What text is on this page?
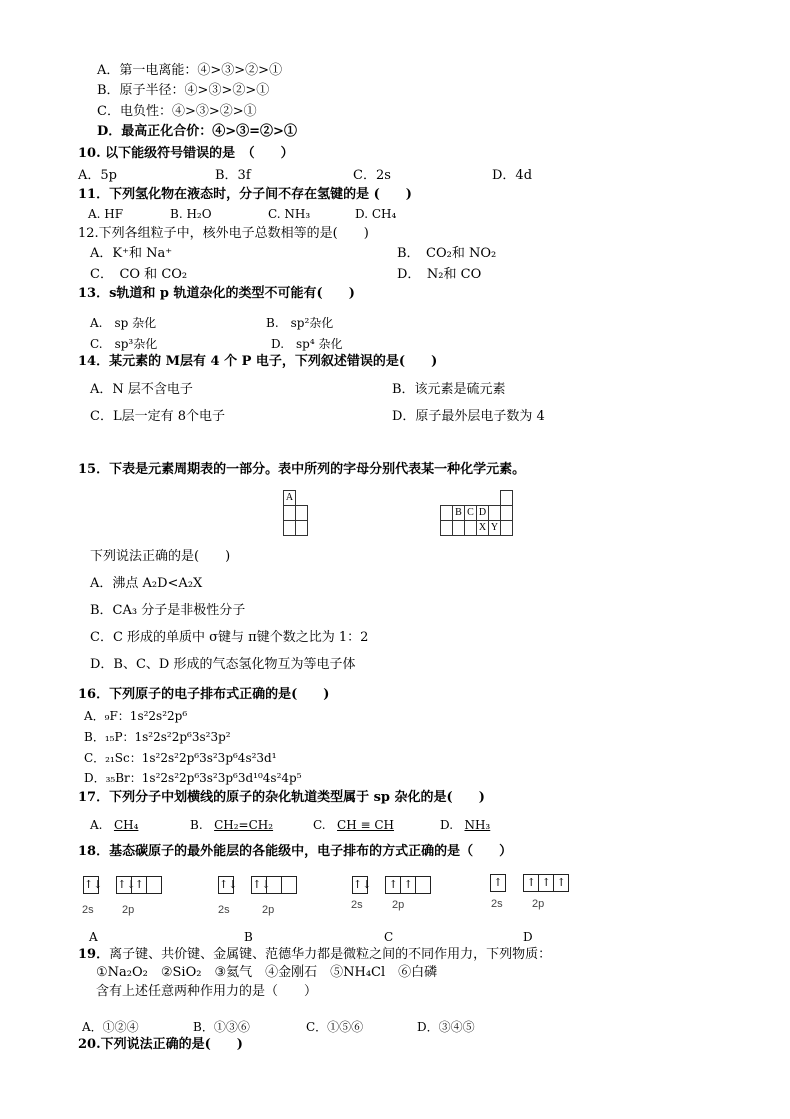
A．第一电离能：④>③>②>①
B．原子半径：④>③>②>①
C．电负性：④>③>②>①
D．最高正化合价：④>③=②>①
10. 以下能级符号错误的是　（　　）
A．5p	B．3f	C．2s	D．4d
11．下列氢化物在液态时，分子间不存在氢键的是 (　　)
A. HF	B. H₂O	C. NH₃	D. CH₄
12.下列各组粒子中，核外电子总数相等的是(　　)
A．K⁺和 Na⁺	B．　CO₂和 NO₂
C．　CO 和 CO₂	D．　N₂和 CO
13．s轨道和 p 轨道杂化的类型不可能有(　　)
A.　sp 杂化	B.　sp²杂化
C.　sp³杂化	D.　sp⁴ 杂化
14．某元素的 M层有 4 个 P 电子，下列叙述错误的是(　　)
A．N 层不含电子	B．该元素是硫元素
C．L层一定有 8个电子	D．原子最外层电子数为 4
15．下表是元素周期表的一部分。表中所列的字母分别代表某一种化学元素。
A																			
															B	C	D		
																	X	Y	
下列说法正确的是(　　)
A．沸点 A₂D<A₂X
B．CA₃ 分子是非极性分子
C．C 形成的单质中 σ键与 π键个数之比为 1：2
D．B、C、D 形成的气态氢化物互为等电子体
16．下列原子的电子排布式正确的是(　　)
A．₉F：1s²2s²2p⁶
B．₁₅P：1s²2s²2p⁶3s²3p²
C．₂₁Sc：1s²2s²2p⁶3s²3p⁶4s²3d¹
D．₃₅Br：1s²2s²2p⁶3s²3p⁶3d¹⁰4s²4p⁵
17．下列分子中划横线的原子的杂化轨道类型属于 sp 杂化的是(　　)
A. CH₄	B. CH₂=CH₂	C. CH ≡ CH	D. NH₃
18．基态碳原子的最外能层的各能级中，电子排布的方式正确的是（　　）
↑↓ ↑↓↑
2s	2p
↑↓ ↑↓
2s	2p
↑↓ ↑ ↑
2s	2p
↑ ↑ ↑ ↑
2s	2p
A	B	C	D
19．离子键、共价键、金属键、范德华力都是微粒之间的不同作用力，下列物质：
①Na₂O₂　②SiO₂　③氦气　④金刚石　⑤NH₄Cl　⑥白磷
含有上述任意两种作用力的是（　　）
A．①②④	B．①③⑥	C．①⑤⑥	D．③④⑤
20.下列说法正确的是(　　)
